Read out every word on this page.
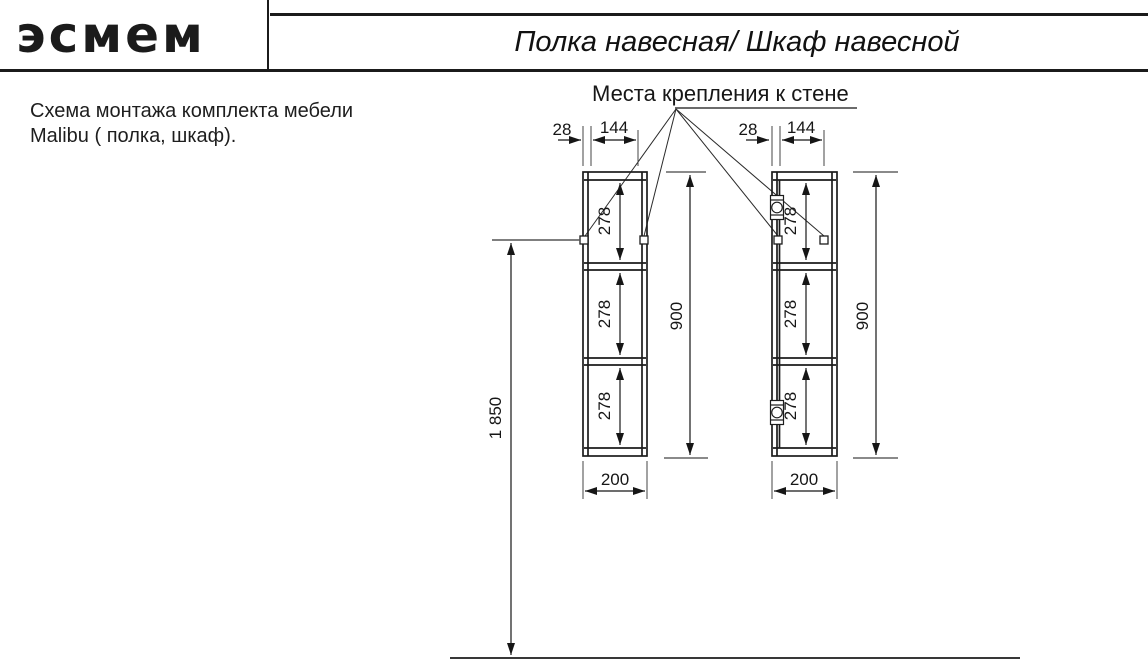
эсмем	Полка навесная/ Шкаф навесной
Схема монтажа комплекта мебели
Malibu ( полка, шкаф).
Места крепления к стене
28 144	28 144
278
278
278
278
278
278
900	900
200	200
1 850
